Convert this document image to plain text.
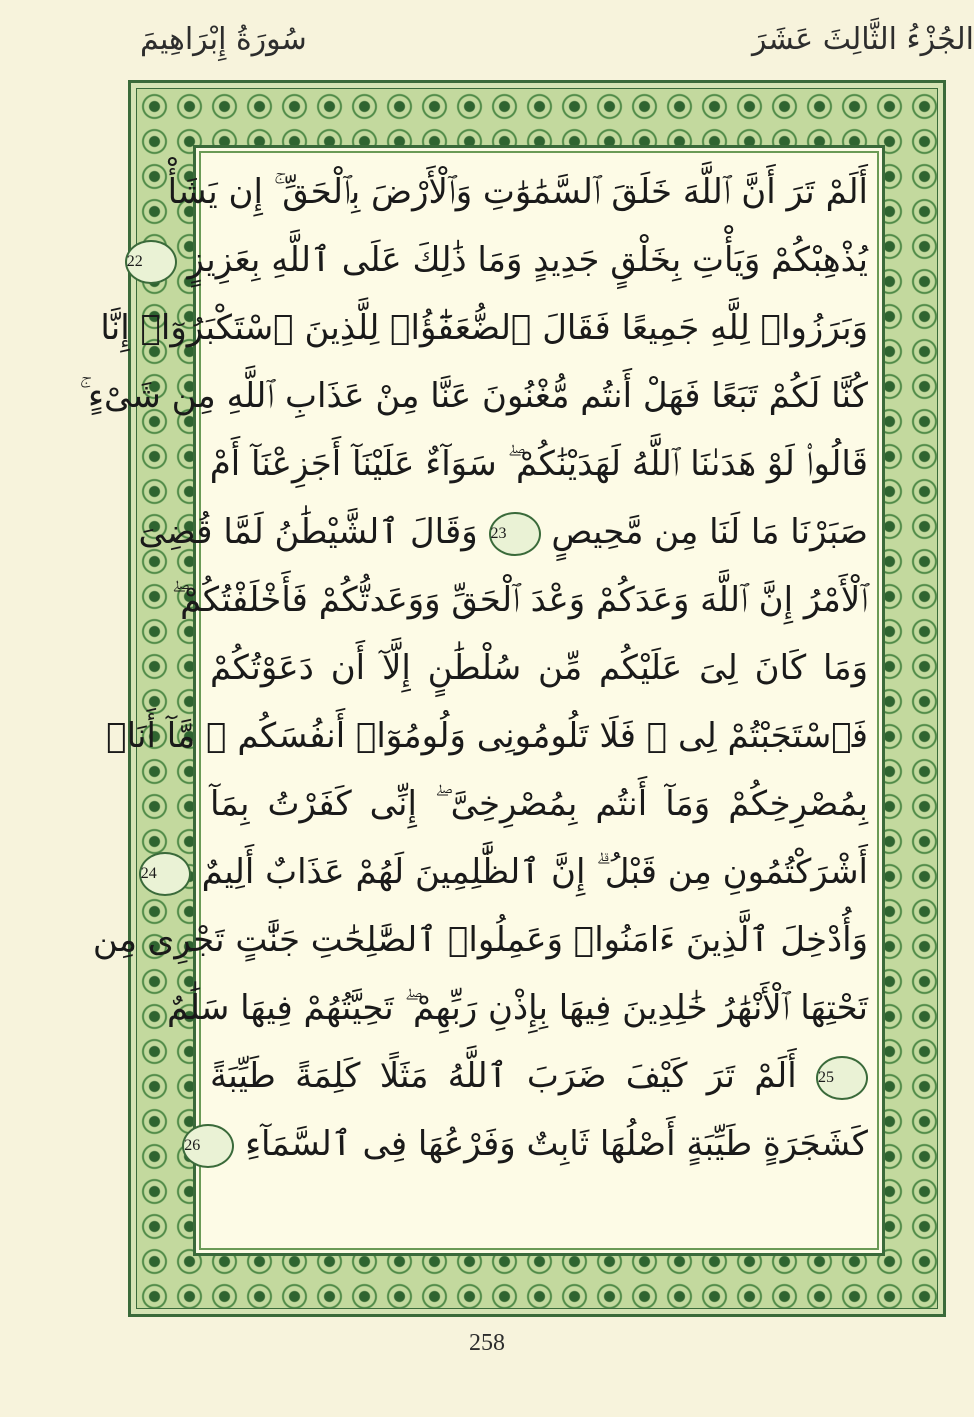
سُورَةُ إِبْرَاهِيمَ	الجُزْءُ الثَّالِثَ عَشَرَ
أَلَمْ تَرَ أَنَّ ٱللَّهَ خَلَقَ ٱلسَّمَٰوَٰتِ وَٱلْأَرْضَ بِٱلْحَقِّ ۚ إِن يَشَأْ
يُذْهِبْكُمْ وَيَأْتِ بِخَلْقٍ جَدِيدٍ وَمَا ذَٰلِكَ عَلَى ٱللَّهِ بِعَزِيزٍ 22
وَبَرَزُوا۟ لِلَّهِ جَمِيعًا فَقَالَ ٱلضُّعَفَٰٓؤُا۟ لِلَّذِينَ ٱسْتَكْبَرُوٓا۟ إِنَّا
كُنَّا لَكُمْ تَبَعًا فَهَلْ أَنتُم مُّغْنُونَ عَنَّا مِنْ عَذَابِ ٱللَّهِ مِن شَىْءٍ ۚ
قَالُوا۟ لَوْ هَدَىٰنَا ٱللَّهُ لَهَدَيْنَٰكُمْ ۖ سَوَآءٌ عَلَيْنَآ أَجَزِعْنَآ أَمْ
صَبَرْنَا مَا لَنَا مِن مَّحِيصٍ 23 وَقَالَ ٱلشَّيْطَٰنُ لَمَّا قُضِىَ
ٱلْأَمْرُ إِنَّ ٱللَّهَ وَعَدَكُمْ وَعْدَ ٱلْحَقِّ وَوَعَدتُّكُمْ فَأَخْلَفْتُكُمْ ۖ
وَمَا كَانَ لِىَ عَلَيْكُم مِّن سُلْطَٰنٍ إِلَّآ أَن دَعَوْتُكُمْ
فَٱسْتَجَبْتُمْ لِى ۖ فَلَا تَلُومُونِى وَلُومُوٓا۟ أَنفُسَكُم ۖ مَّآ أَنَا۠
بِمُصْرِخِكُمْ وَمَآ أَنتُم بِمُصْرِخِىَّ ۖ إِنِّى كَفَرْتُ بِمَآ
أَشْرَكْتُمُونِ مِن قَبْلُ ۗ إِنَّ ٱلظَّٰلِمِينَ لَهُمْ عَذَابٌ أَلِيمٌ 24
وَأُدْخِلَ ٱلَّذِينَ ءَامَنُوا۟ وَعَمِلُوا۟ ٱلصَّٰلِحَٰتِ جَنَّٰتٍ تَجْرِى مِن
تَحْتِهَا ٱلْأَنْهَٰرُ خَٰلِدِينَ فِيهَا بِإِذْنِ رَبِّهِمْ ۖ تَحِيَّتُهُمْ فِيهَا سَلَٰمٌ
25 أَلَمْ تَرَ كَيْفَ ضَرَبَ ٱللَّهُ مَثَلًا كَلِمَةً طَيِّبَةً
كَشَجَرَةٍ طَيِّبَةٍ أَصْلُهَا ثَابِتٌ وَفَرْعُهَا فِى ٱلسَّمَآءِ 26
258
